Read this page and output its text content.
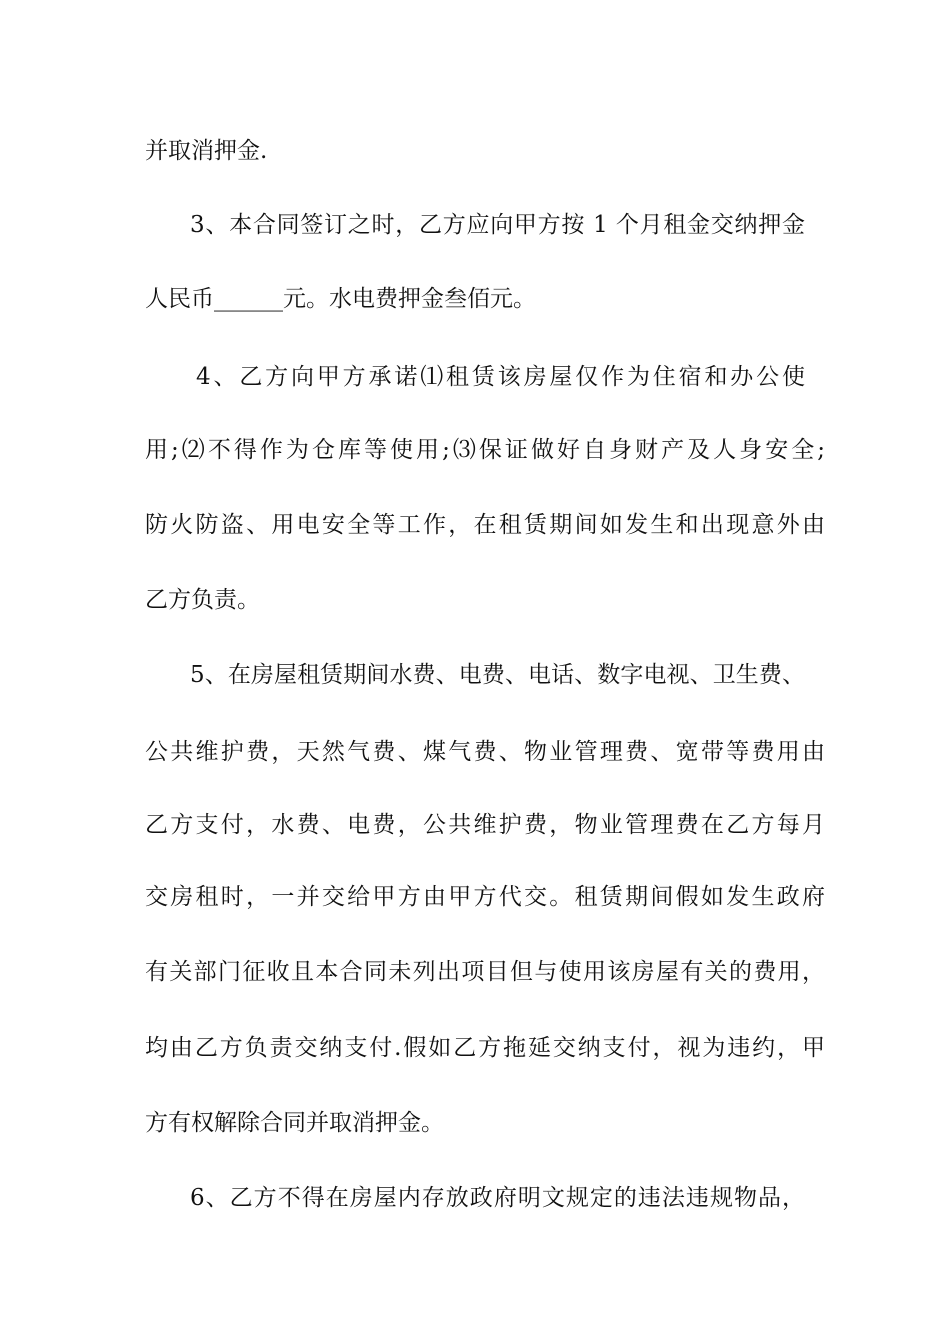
并取消押金.
3、本合同签订之时，乙方应向甲方按 1 个月租金交纳押金
人民币______元。水电费押金叁佰元。
4、乙方向甲方承诺⑴租赁该房屋仅作为住宿和办公使
用;⑵不得作为仓库等使用;⑶保证做好自身财产及人身安全;
防火防盗、用电安全等工作，在租赁期间如发生和出现意外由
乙方负责。
5、在房屋租赁期间水费、电费、电话、数字电视、卫生费、
公共维护费，天然气费、煤气费、物业管理费、宽带等费用由
乙方支付，水费、电费，公共维护费，物业管理费在乙方每月
交房租时，一并交给甲方由甲方代交。租赁期间假如发生政府
有关部门征收且本合同未列出项目但与使用该房屋有关的费用，
均由乙方负责交纳支付.假如乙方拖延交纳支付，视为违约，甲
方有权解除合同并取消押金。
6、乙方不得在房屋内存放政府明文规定的违法违规物品，
